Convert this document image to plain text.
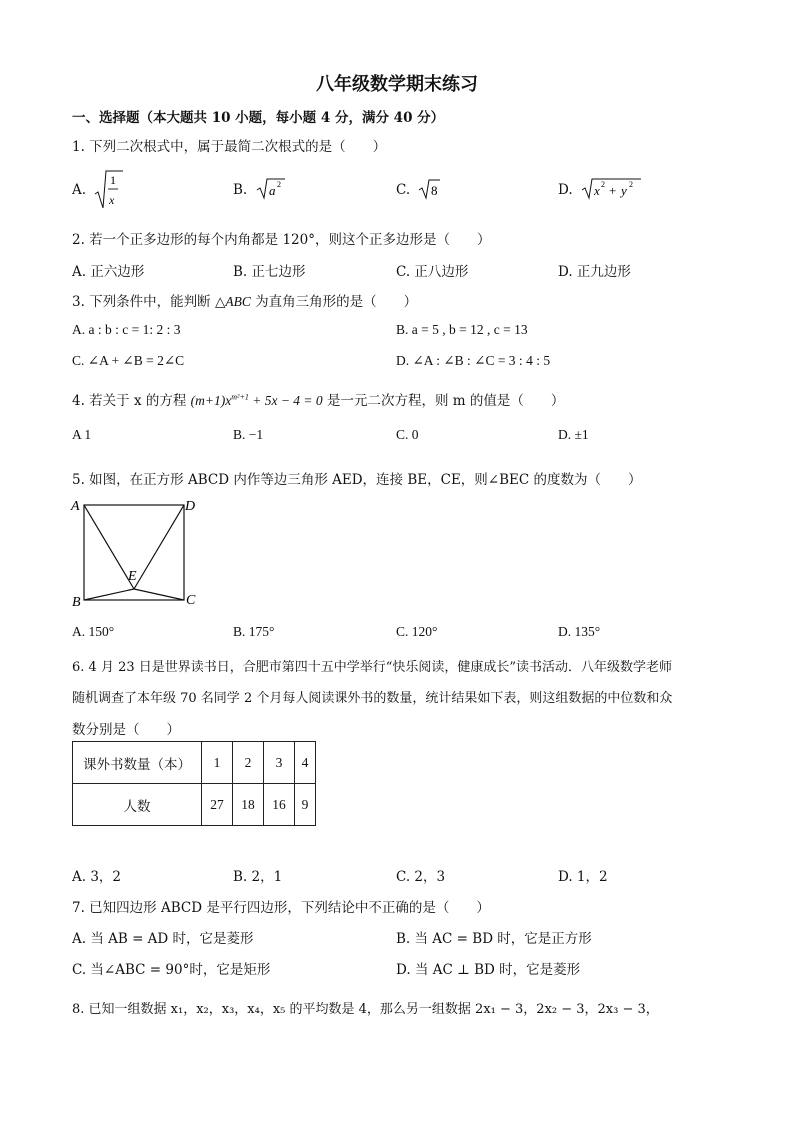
八年级数学期末练习
一、选择题（本大题共 10 小题，每小题 4 分，满分 40 分）
1. 下列二次根式中，属于最简二次根式的是（　　）
A.
1
x
B. a 2	C. 8	D. x 2 + y 2
2. 若一个正多边形的每个内角都是 120°，则这个正多边形是（　　）
A. 正六边形	B. 正七边形	C. 正八边形	D. 正九边形
3. 下列条件中，能判断 △ABC 为直角三角形的是（　　）
A. a : b : c = 1: 2 : 3	B. a = 5 , b = 12 , c = 13
C. ∠A + ∠B = 2∠C	D. ∠A : ∠B : ∠C = 3 : 4 : 5
4. 若关于 x 的方程 $(m+1)x^{m^2+1} + 5x - 4 = 0$ 是一元二次方程，则 m 的值是（　　）
A 1	B. −1	C. 0	D. ±1
5. 如图，在正方形 ABCD 内作等边三角形 AED，连接 BE，CE，则∠BEC 的度数为（　　）
A	D
E
B	C
A. 150°	B. 175°	C. 120°	D. 135°
6. 4 月 23 日是世界读书日，合肥市第四十五中学举行“快乐阅读，健康成长”读书活动．八年级数学老师
随机调查了本年级 70 名同学 2 个月每人阅读课外书的数量，统计结果如下表，则这组数据的中位数和众
数分别是（　　）
课外书数量（本）	1	2	3	4
人数	27	18	16	9
A. 3，2	B. 2，1	C. 2，3	D. 1，2
7. 已知四边形 ABCD 是平行四边形，下列结论中不正确的是（　　）
A. 当 AB = AD 时，它是菱形	B. 当 AC = BD 时，它是正方形
C. 当∠ABC = 90°时，它是矩形	D. 当 AC ⊥ BD 时，它是菱形
8. 已知一组数据 x₁，x₂，x₃，x₄，x₅ 的平均数是 4，那么另一组数据 2x₁ − 3，2x₂ − 3，2x₃ − 3，
